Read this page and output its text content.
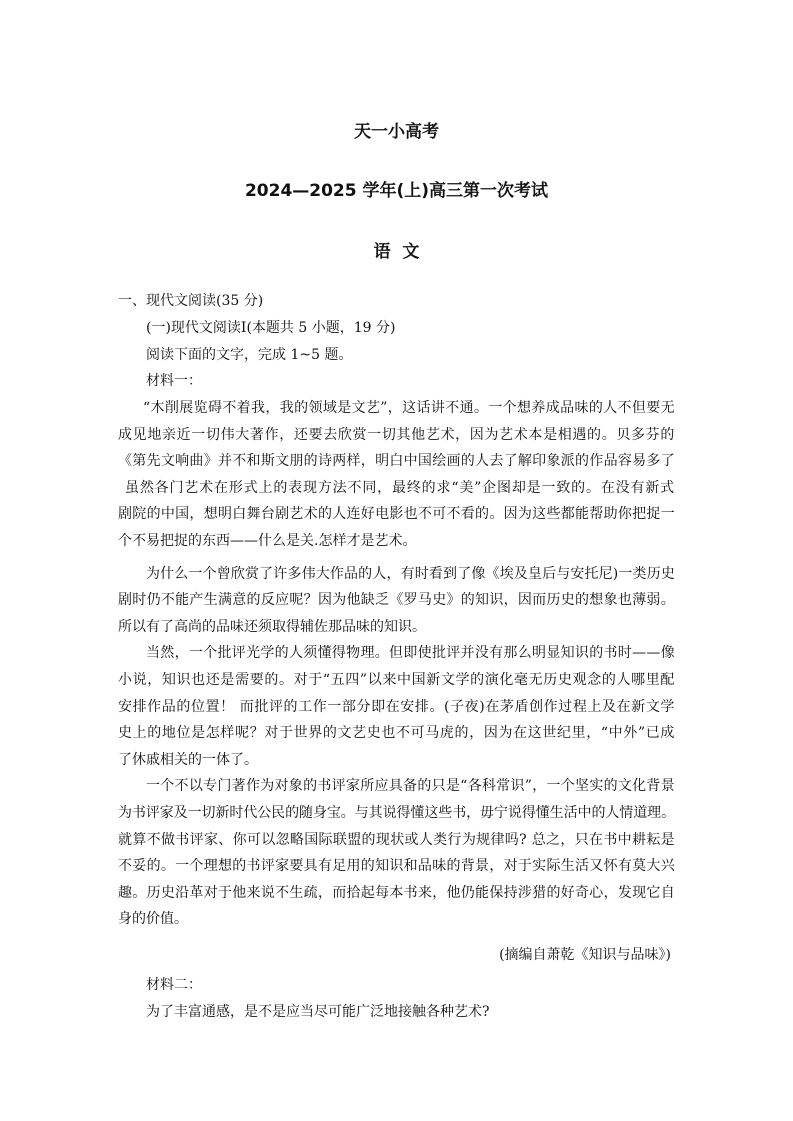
天一小高考
2024—2025 学年(上)高三第一次考试
语  文
一、现代文阅读(35 分)
(一)现代文阅读Ⅰ(本题共 5 小题，19 分)
阅读下面的文字，完成 1~5 题。
材料一：
“木削展览碍不着我，我的领域是文艺”，这话讲不通。一个想养成品味的人不但要无
成见地亲近一切伟大著作，还要去欣赏一切其他艺术，因为艺术本是相遇的。贝多芬的
《第先文响曲》并不和斯文朋的诗两样，明白中国绘画的人去了解印象派的作品容易多了
虽然各门艺术在形式上的表现方法不同，最终的求“美”企图却是一致的。在没有新式
剧院的中国，想明白舞台剧艺术的人连好电影也不可不看的。因为这些都能帮助你把捉一
个不易把捉的东西——什么是关.怎样才是艺术。
为什么一个曾欣赏了许多伟大作品的人，有时看到了像《埃及皇后与安托尼)一类历史
剧时仍不能产生满意的反应呢？因为他缺乏《罗马史》的知识，因而历史的想象也薄弱。
所以有了高尚的品味还须取得辅佐那品味的知识。
当然，一个批评光学的人须懂得物理。但即使批评并没有那么明显知识的书时——像
小说，知识也还是需要的。对于“五四”以来中国新文学的演化毫无历史观念的人哪里配
安排作品的位置！ 而批评的工作一部分即在安排。(子夜)在茅盾创作过程上及在新文学
史上的地位是怎样呢？对于世界的文艺史也不可马虎的，因为在这世纪里，“中外”已成
了休戚相关的一体了。
一个不以专门著作为对象的书评家所应具备的只是“各科常识”，一个坚实的文化背景
为书评家及一切新时代公民的随身宝。与其说得懂这些书，毋宁说得懂生活中的人情道理。
就算不做书评家、你可以忽略国际联盟的现状或人类行为规律吗? 总之，只在书中耕耘是
不妥的。一个理想的书评家要具有足用的知识和品味的背景，对于实际生活又怀有莫大兴
趣。历史沿革对于他来说不生疏，而拾起每本书来，他仍能保持涉猎的好奇心，发现它自
身的价值。
(摘编自萧乾《知识与品味》)
材料二：
为了丰富通感，是不是应当尽可能广泛地接触各种艺术?
